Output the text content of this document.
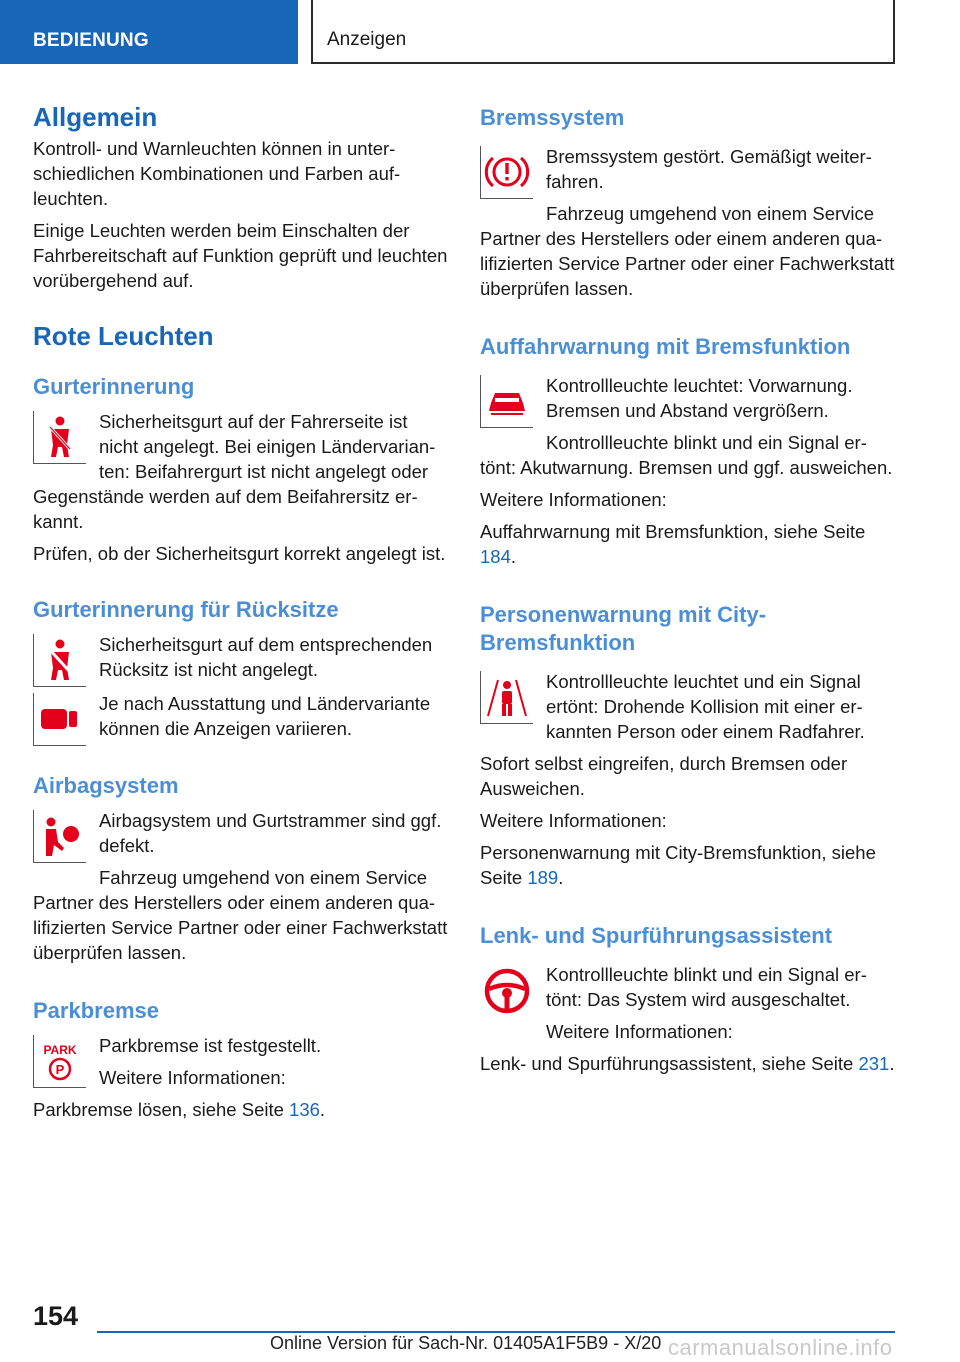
BEDIENUNG	Anzeigen
Allgemein

Kontroll- und Warnleuchten können in unterschiedlichen Kombinationen und Farben aufleuchten.

Einige Leuchten werden beim Einschalten der Fahrbereitschaft auf Funktion geprüft und leuchten vorübergehend auf.

Rote Leuchten
Gurterinnerung

Sicherheitsgurt auf der Fahrerseite ist nicht angelegt. Bei einigen Ländervarianten: Beifahrergurt ist nicht angelegt oder Gegenstände werden auf dem Beifahrersitz erkannt.

Prüfen, ob der Sicherheitsgurt korrekt angelegt ist.

Gurterinnerung für Rücksitze

Sicherheitsgurt auf dem entsprechenden Rücksitz ist nicht angelegt.

Je nach Ausstattung und Ländervariante können die Anzeigen variieren.

Airbagsystem

Airbagsystem und Gurtstrammer sind ggf. defekt.

Fahrzeug umgehend von einem Service Partner des Herstellers oder einem anderen qualifizierten Service Partner oder einer Fachwerkstatt überprüfen lassen.

Parkbremse
PARK
P

Parkbremse ist festgestellt.

Weitere Informationen:

Parkbremse lösen, siehe Seite 136.

Bremssystem

Bremssystem gestört. Gemäßigt weiterfahren.

Fahrzeug umgehend von einem Service Partner des Herstellers oder einem anderen qualifizierten Service Partner oder einer Fachwerkstatt überprüfen lassen.

Auffahrwarnung mit Bremsfunktion

Kontrollleuchte leuchtet: Vorwarnung. Bremsen und Abstand vergrößern.

Kontrollleuchte blinkt und ein Signal ertönt: Akutwarnung. Bremsen und ggf. ausweichen.

Weitere Informationen:

Auffahrwarnung mit Bremsfunktion, siehe Seite 184.

Personenwarnung mit City-Bremsfunktion

Kontrollleuchte leuchtet und ein Signal ertönt: Drohende Kollision mit einer erkannten Person oder einem Radfahrer.

Sofort selbst eingreifen, durch Bremsen oder Ausweichen.

Weitere Informationen:

Personenwarnung mit City-Bremsfunktion, siehe Seite 189.

Lenk- und Spurführungsassistent

Kontrollleuchte blinkt und ein Signal ertönt: Das System wird ausgeschaltet.

Weitere Informationen:

Lenk- und Spurführungsassistent, siehe Seite 231.

154
Online Version für Sach-Nr. 01405A1F5B9 - X/20 carmanualsonline.info
